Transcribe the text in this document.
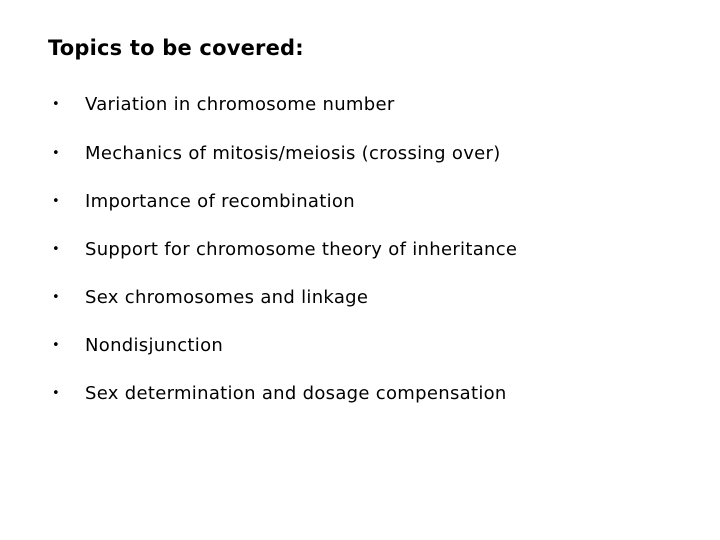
Topics to be covered:
• Variation in chromosome number
• Mechanics of mitosis/meiosis (crossing over)
• Importance of recombination
• Support for chromosome theory of inheritance
• Sex chromosomes and linkage
• Nondisjunction
• Sex determination and dosage compensation
